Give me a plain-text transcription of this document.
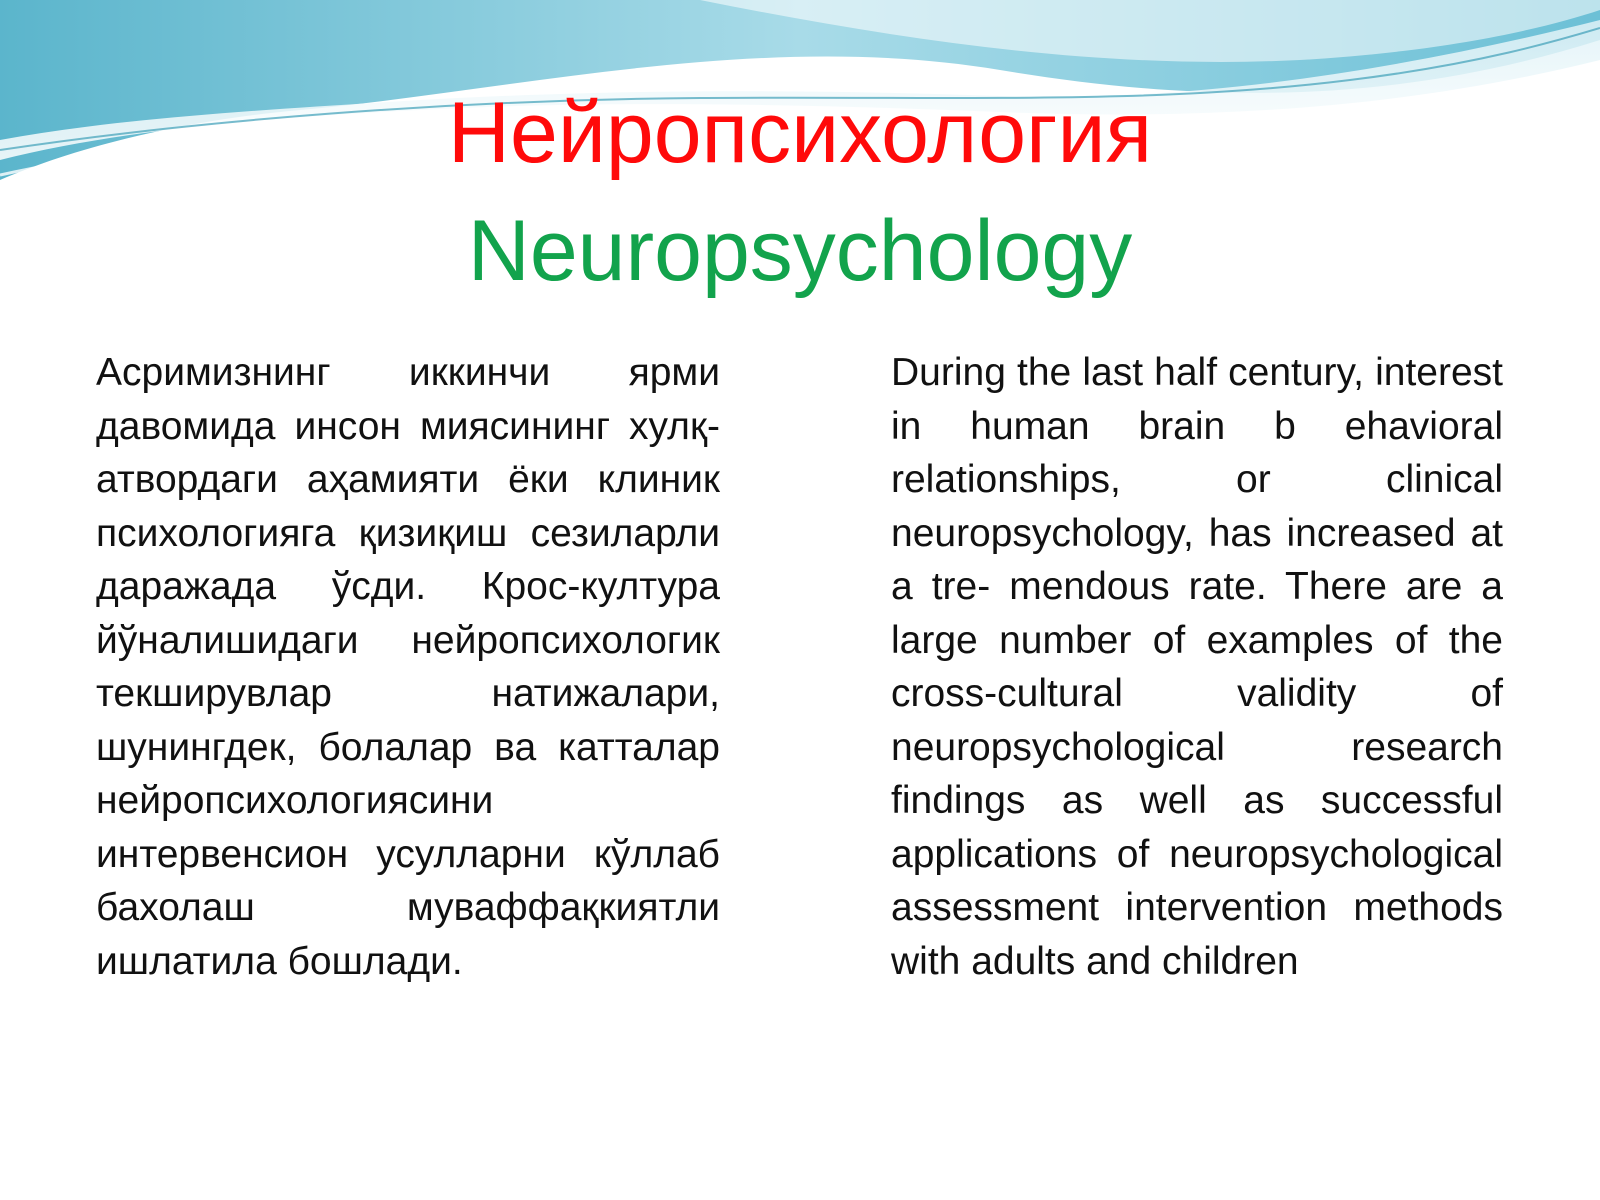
Нейропсихология
Neuropsychology
Асримизнинг иккинчи ярми давомида инсон миясининг хулқ-атвордаги аҳамияти ёки клиник психологияга қизиқиш сезиларли даражада ўсди. Крос-култура йўналишидаги нейропсихологик текширувлар натижалари, шунингдек, болалар ва катталар нейропсихологиясини интервенсион усулларни кўллаб бахолаш муваффақкиятли ишлатила бошлади.
During the last half century, interest in human brain b ehavioral relationships, or clinical neuropsychology, has increased at a tre- mendous rate. There are a large number of examples of the cross-cultural validity of neuropsychological research findings as well as successful applications of neuropsychological assessment intervention methods with adults and children
